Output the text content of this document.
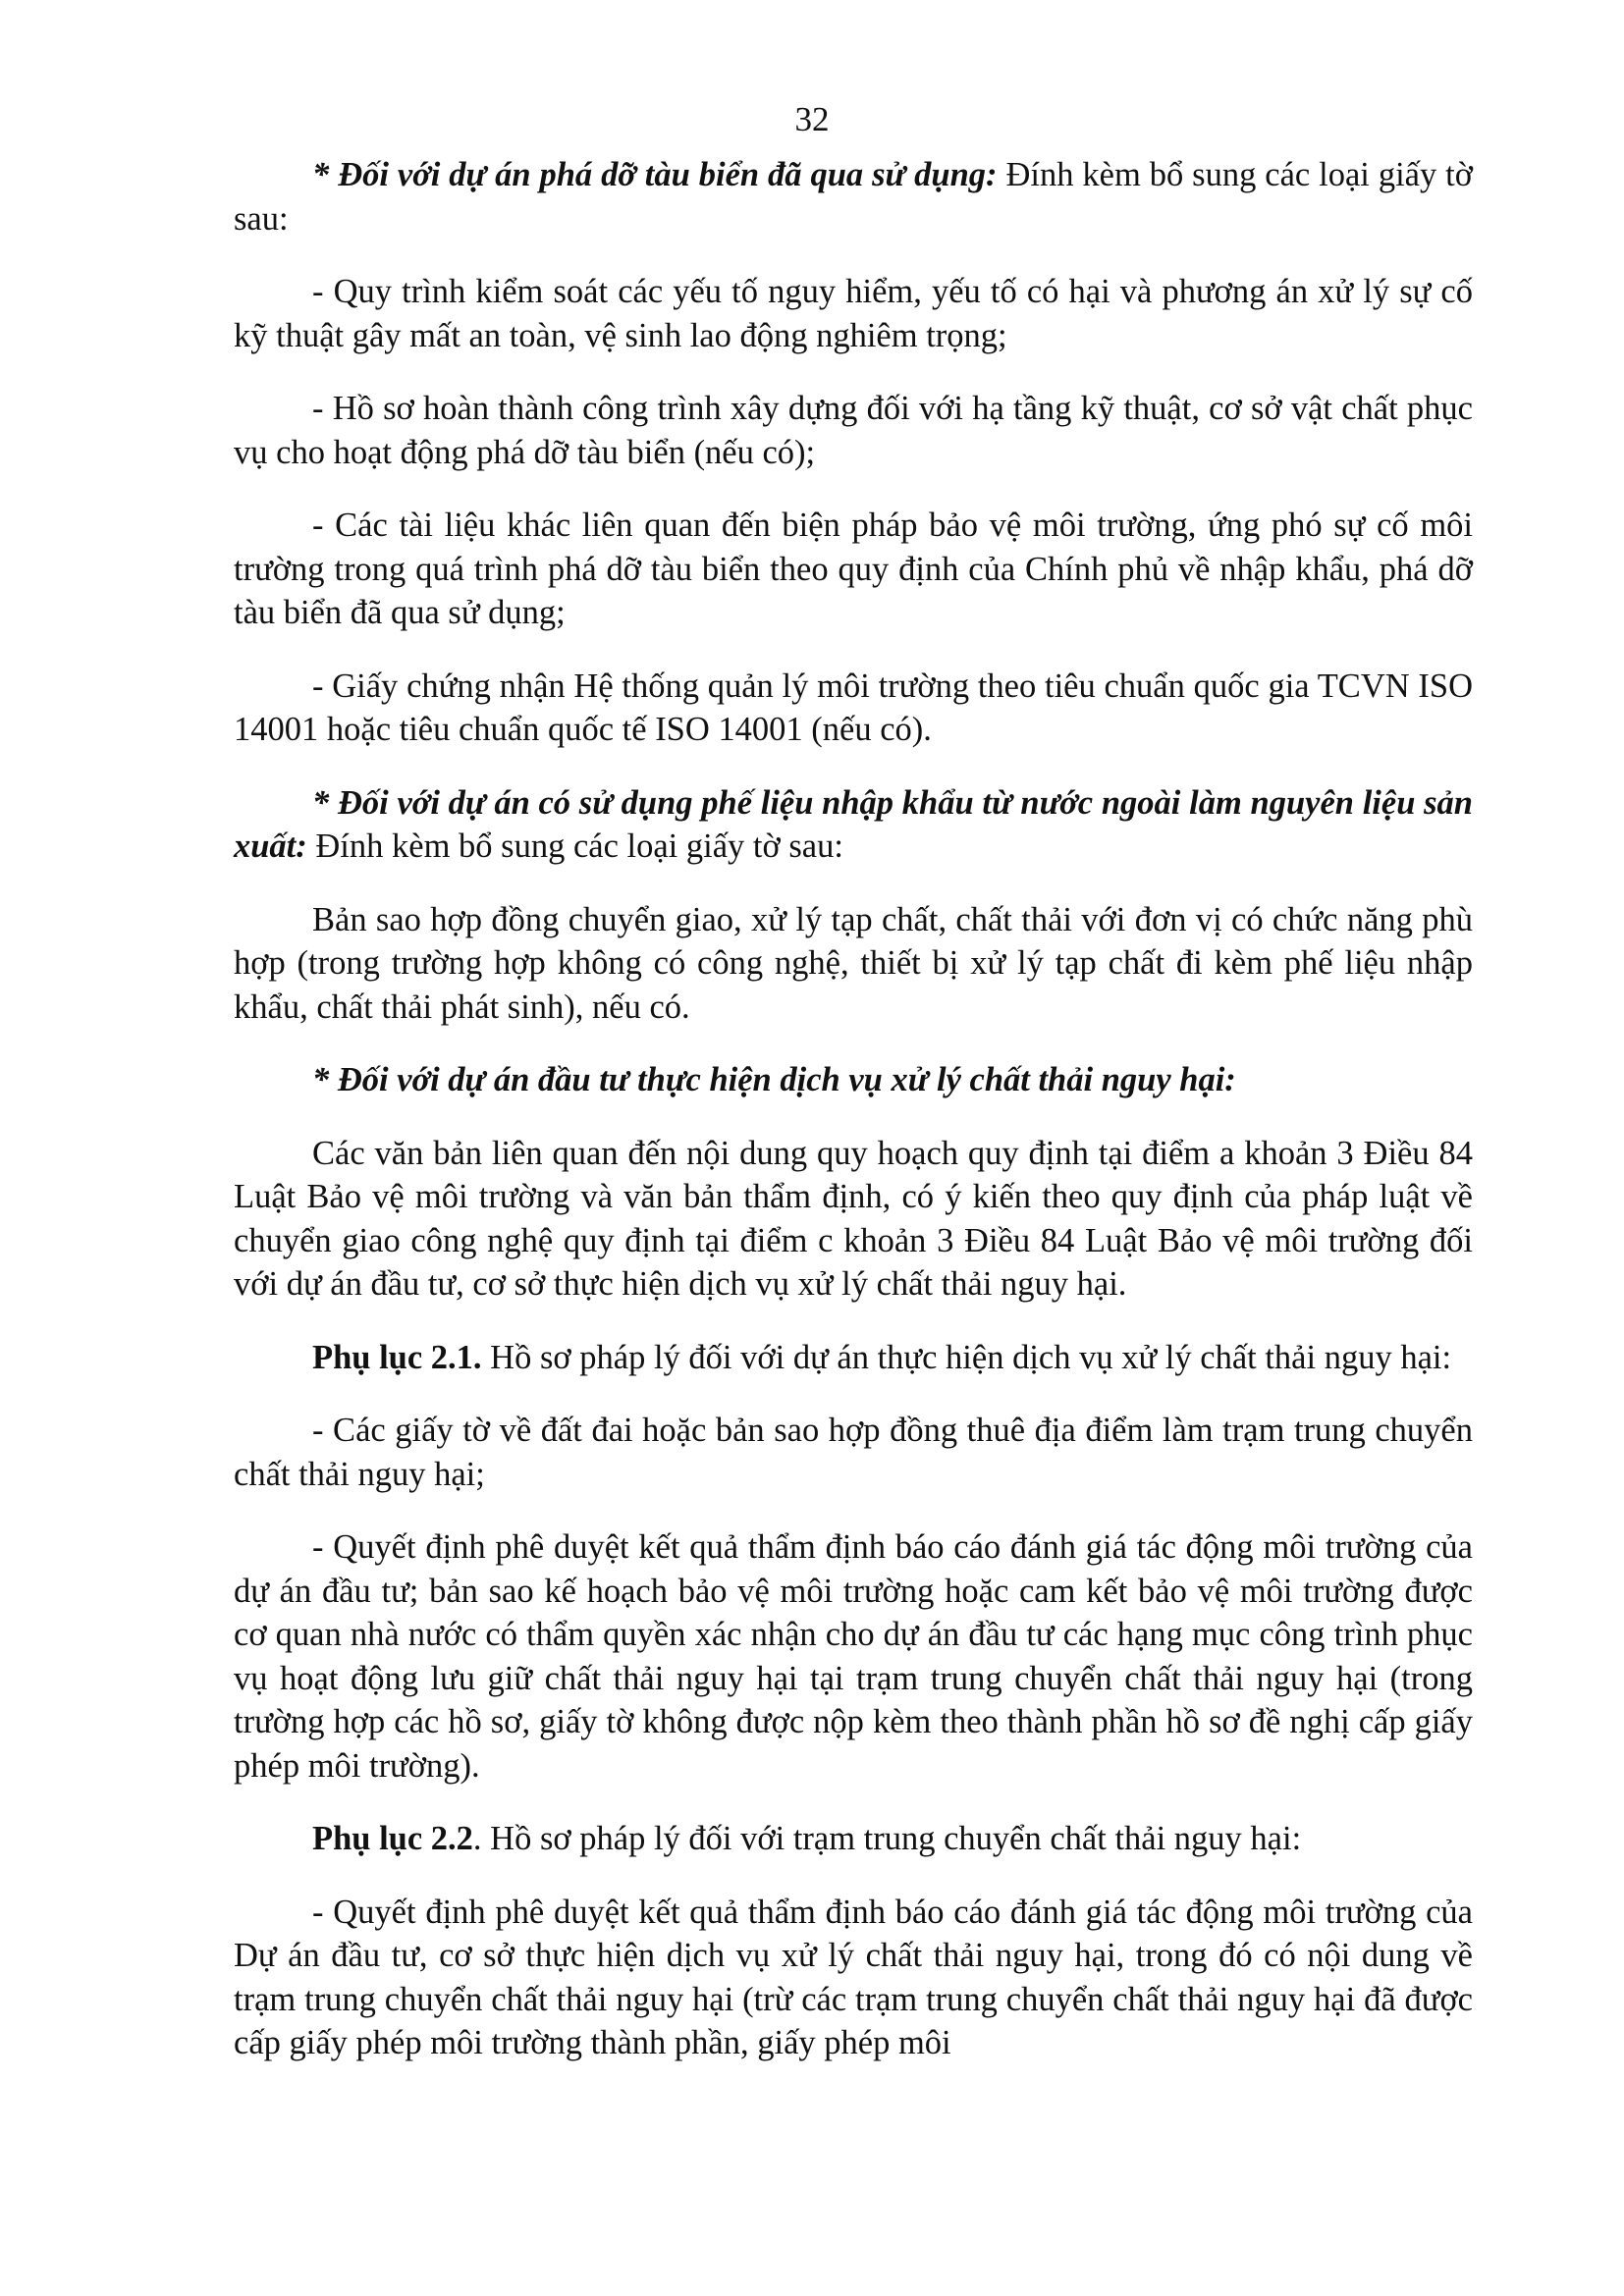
32

* Đối với dự án phá dỡ tàu biển đã qua sử dụng: Đính kèm bổ sung các loại giấy tờ sau:

- Quy trình kiểm soát các yếu tố nguy hiểm, yếu tố có hại và phương án xử lý sự cố kỹ thuật gây mất an toàn, vệ sinh lao động nghiêm trọng;

- Hồ sơ hoàn thành công trình xây dựng đối với hạ tầng kỹ thuật, cơ sở vật chất phục vụ cho hoạt động phá dỡ tàu biển (nếu có);

- Các tài liệu khác liên quan đến biện pháp bảo vệ môi trường, ứng phó sự cố môi trường trong quá trình phá dỡ tàu biển theo quy định của Chính phủ về nhập khẩu, phá dỡ tàu biển đã qua sử dụng;

- Giấy chứng nhận Hệ thống quản lý môi trường theo tiêu chuẩn quốc gia TCVN ISO 14001 hoặc tiêu chuẩn quốc tế ISO 14001 (nếu có).

* Đối với dự án có sử dụng phế liệu nhập khẩu từ nước ngoài làm nguyên liệu sản xuất: Đính kèm bổ sung các loại giấy tờ sau:

Bản sao hợp đồng chuyển giao, xử lý tạp chất, chất thải với đơn vị có chức năng phù hợp (trong trường hợp không có công nghệ, thiết bị xử lý tạp chất đi kèm phế liệu nhập khẩu, chất thải phát sinh), nếu có.

* Đối với dự án đầu tư thực hiện dịch vụ xử lý chất thải nguy hại:

Các văn bản liên quan đến nội dung quy hoạch quy định tại điểm a khoản 3 Điều 84 Luật Bảo vệ môi trường và văn bản thẩm định, có ý kiến theo quy định của pháp luật về chuyển giao công nghệ quy định tại điểm c khoản 3 Điều 84 Luật Bảo vệ môi trường đối với dự án đầu tư, cơ sở thực hiện dịch vụ xử lý chất thải nguy hại.

Phụ lục 2.1. Hồ sơ pháp lý đối với dự án thực hiện dịch vụ xử lý chất thải nguy hại:

- Các giấy tờ về đất đai hoặc bản sao hợp đồng thuê địa điểm làm trạm trung chuyển chất thải nguy hại;

- Quyết định phê duyệt kết quả thẩm định báo cáo đánh giá tác động môi trường của dự án đầu tư; bản sao kế hoạch bảo vệ môi trường hoặc cam kết bảo vệ môi trường được cơ quan nhà nước có thẩm quyền xác nhận cho dự án đầu tư các hạng mục công trình phục vụ hoạt động lưu giữ chất thải nguy hại tại trạm trung chuyển chất thải nguy hại (trong trường hợp các hồ sơ, giấy tờ không được nộp kèm theo thành phần hồ sơ đề nghị cấp giấy phép môi trường).

Phụ lục 2.2. Hồ sơ pháp lý đối với trạm trung chuyển chất thải nguy hại:

- Quyết định phê duyệt kết quả thẩm định báo cáo đánh giá tác động môi trường của Dự án đầu tư, cơ sở thực hiện dịch vụ xử lý chất thải nguy hại, trong đó có nội dung về trạm trung chuyển chất thải nguy hại (trừ các trạm trung chuyển chất thải nguy hại đã được cấp giấy phép môi trường thành phần, giấy phép môi
